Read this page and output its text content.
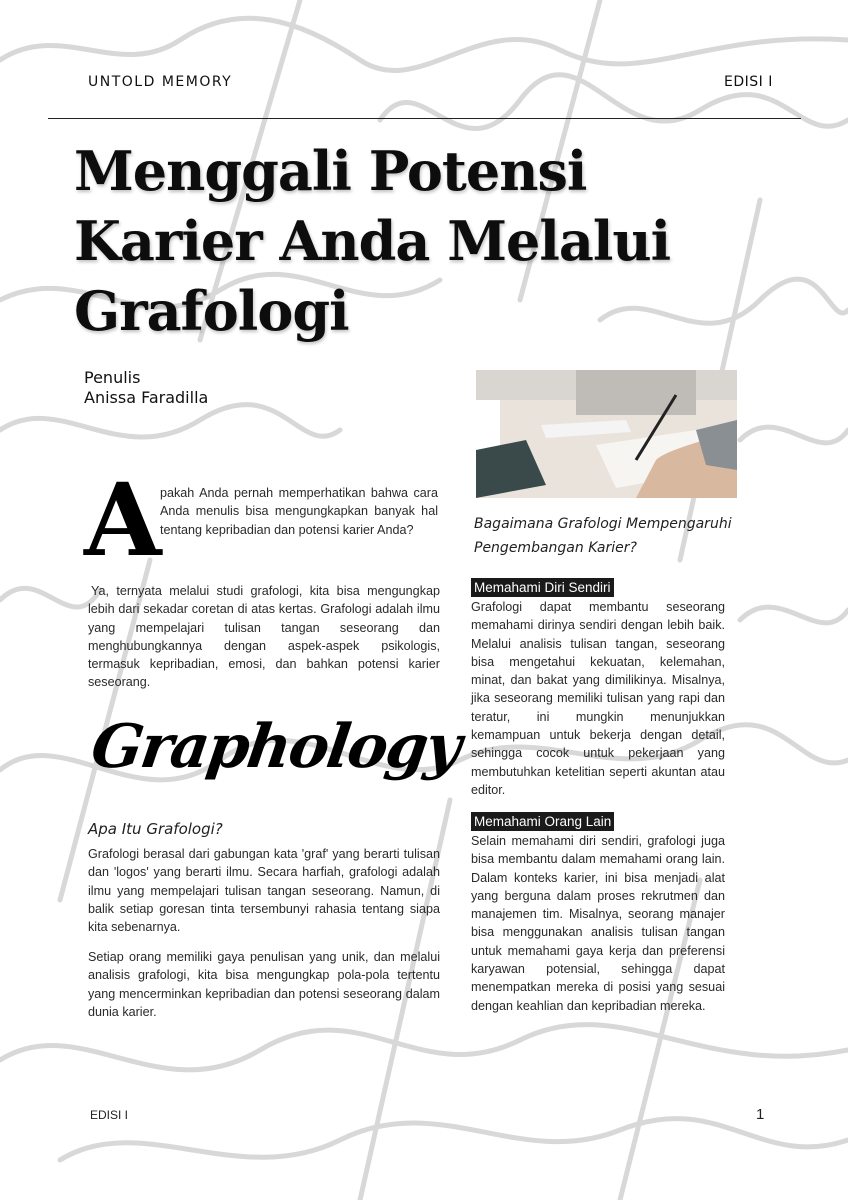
UNTOLD MEMORY	EDISI I
Menggali Potensi Karier Anda Melalui Grafologi
Penulis
Anissa Faradilla
A

pakah Anda pernah memperhatikan bahwa cara Anda menulis bisa mengungkapkan banyak hal tentang kepribadian dan potensi karier Anda?

Ya, ternyata melalui studi grafologi, kita bisa mengungkap lebih dari sekadar coretan di atas kertas. Grafologi adalah ilmu yang mempelajari tulisan tangan seseorang dan menghubungkannya dengan aspek-aspek psikologis, termasuk kepribadian, emosi, dan bahkan potensi karier seseorang.

Graphology
Apa Itu Grafologi?

Grafologi berasal dari gabungan kata 'graf' yang berarti tulisan dan 'logos' yang berarti ilmu. Secara harfiah, grafologi adalah ilmu yang mempelajari tulisan tangan seseorang. Namun, di balik setiap goresan tinta tersembunyi rahasia tentang siapa kita sebenarnya.

Setiap orang memiliki gaya penulisan yang unik, dan melalui analisis grafologi, kita bisa mengungkap pola-pola tertentu yang mencerminkan kepribadian dan potensi seseorang dalam dunia karier.

Bagaimana Grafologi Mempengaruhi Pengembangan Karier?
Memahami Diri Sendiri

Grafologi dapat membantu seseorang memahami dirinya sendiri dengan lebih baik. Melalui analisis tulisan tangan, seseorang bisa mengetahui kekuatan, kelemahan, minat, dan bakat yang dimilikinya. Misalnya, jika seseorang memiliki tulisan yang rapi dan teratur, ini mungkin menunjukkan kemampuan untuk bekerja dengan detail, sehingga cocok untuk pekerjaan yang membutuhkan ketelitian seperti akuntan atau editor.

Memahami Orang Lain

Selain memahami diri sendiri, grafologi juga bisa membantu dalam memahami orang lain. Dalam konteks karier, ini bisa menjadi alat yang berguna dalam proses rekrutmen dan manajemen tim. Misalnya, seorang manajer bisa menggunakan analisis tulisan tangan untuk memahami gaya kerja dan preferensi karyawan potensial, sehingga dapat menempatkan mereka di posisi yang sesuai dengan keahlian dan kepribadian mereka.

EDISI I	1
